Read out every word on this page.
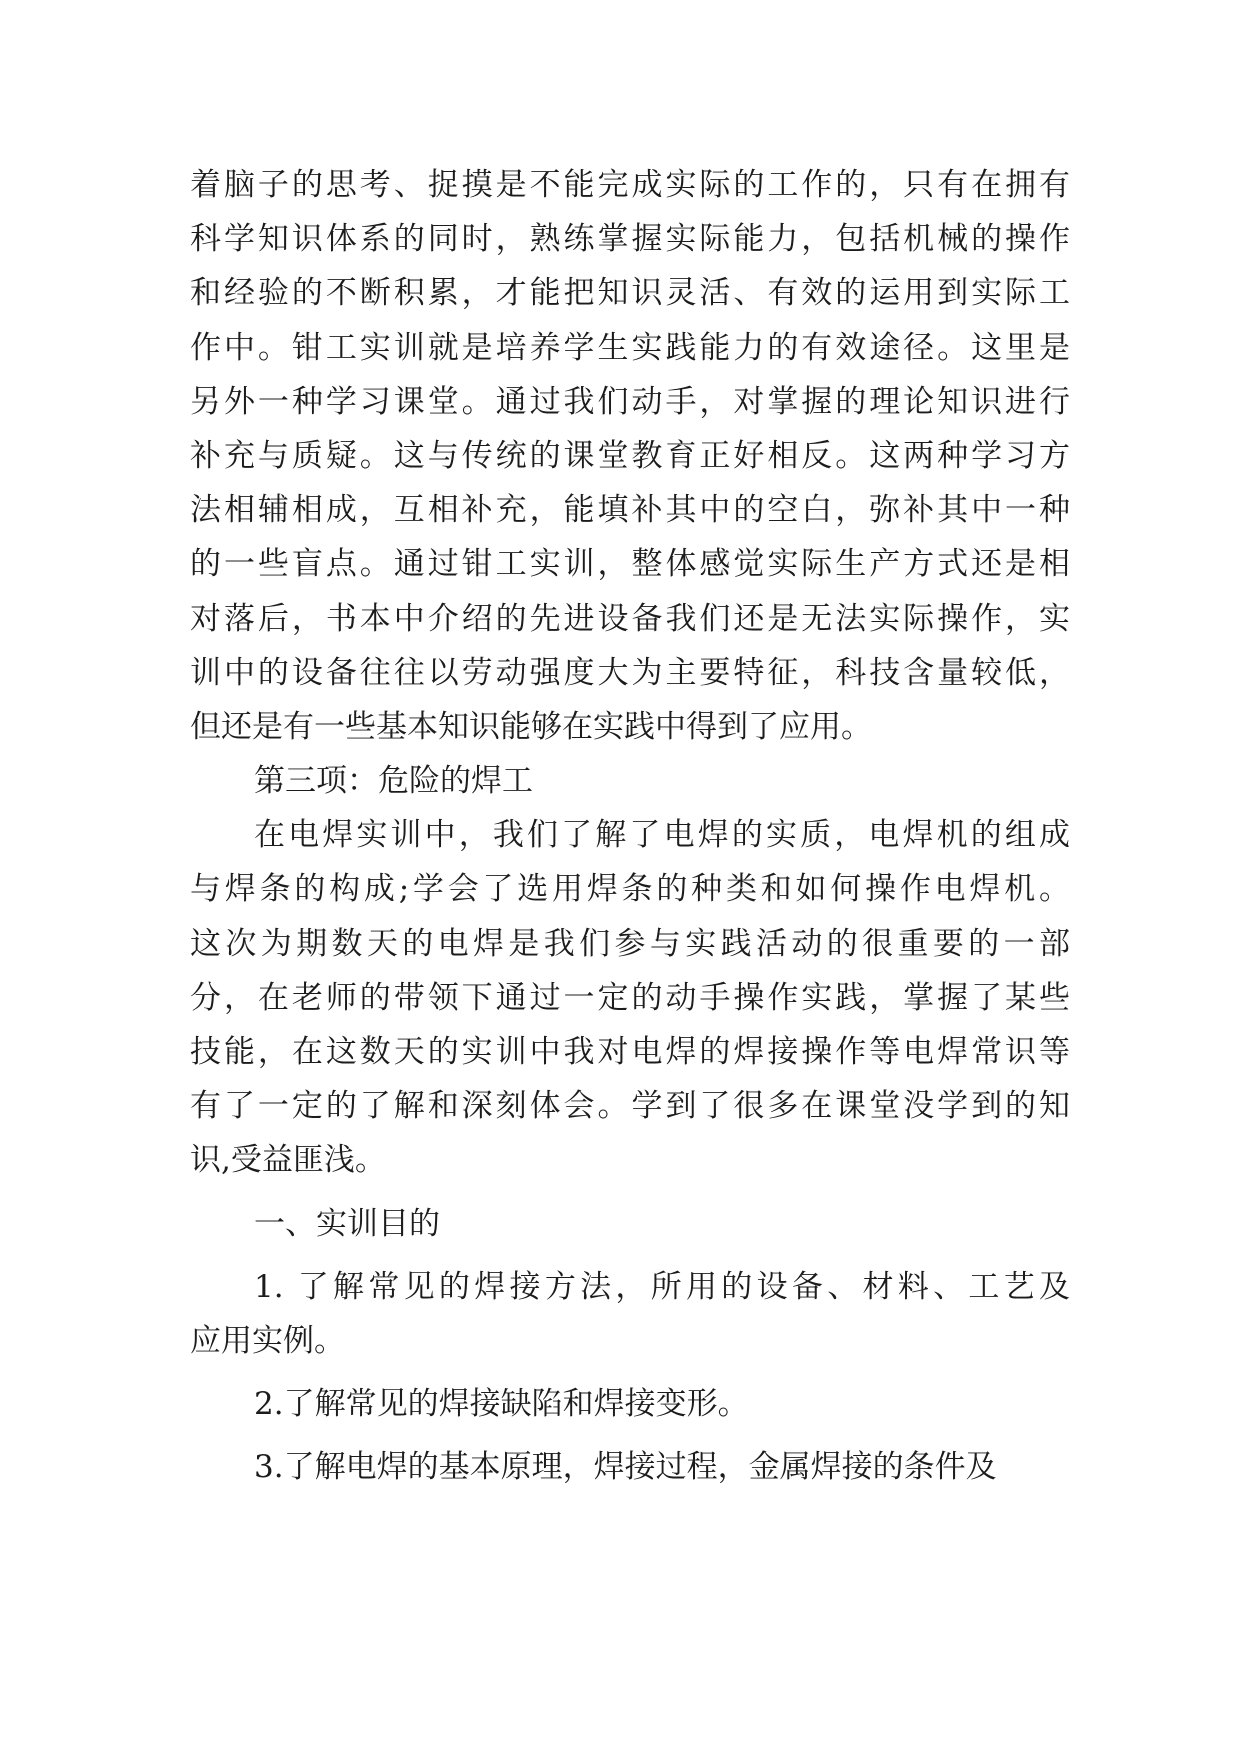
着脑子的思考、捉摸是不能完成实际的工作的，只有在拥有
科学知识体系的同时，熟练掌握实际能力，包括机械的操作
和经验的不断积累，才能把知识灵活、有效的运用到实际工
作中。钳工实训就是培养学生实践能力的有效途径。这里是
另外一种学习课堂。通过我们动手，对掌握的理论知识进行
补充与质疑。这与传统的课堂教育正好相反。这两种学习方
法相辅相成，互相补充，能填补其中的空白，弥补其中一种
的一些盲点。通过钳工实训，整体感觉实际生产方式还是相
对落后，书本中介绍的先进设备我们还是无法实际操作，实
训中的设备往往以劳动强度大为主要特征，科技含量较低，
但还是有一些基本知识能够在实践中得到了应用。
第三项：危险的焊工
在电焊实训中，我们了解了电焊的实质，电焊机的组成
与焊条的构成;学会了选用焊条的种类和如何操作电焊机。
这次为期数天的电焊是我们参与实践活动的很重要的一部
分，在老师的带领下通过一定的动手操作实践，掌握了某些
技能，在这数天的实训中我对电焊的焊接操作等电焊常识等
有了一定的了解和深刻体会。学到了很多在课堂没学到的知
识,受益匪浅。
一、实训目的
1. 了解常见的焊接方法，所用的设备、材料、工艺及
应用实例。
2.了解常见的焊接缺陷和焊接变形。
3.了解电焊的基本原理，焊接过程，金属焊接的条件及
